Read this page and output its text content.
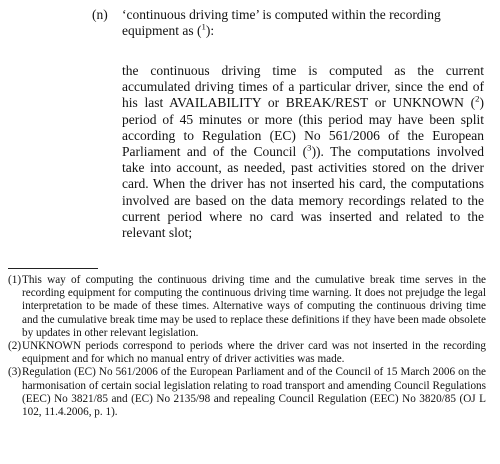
(n) ‘continuous driving time’ is computed within the recording equipment as ($^1$):
the continuous driving time is computed as the current accumulated driving times of a particular driver, since the end of his last AVAILABILITY or BREAK/REST or UNKNOWN ($^2$) period of 45 minutes or more (this period may have been split according to Regulation (EC) No 561/2006 of the European Parliament and of the Council ($^3$)). The computations involved take into account, as needed, past activities stored on the driver card. When the driver has not inserted his card, the computations involved are based on the data memory recordings related to the current period where no card was inserted and related to the relevant slot;
(1) This way of computing the continuous driving time and the cumulative break time serves in the recording equipment for computing the continuous driving time warning. It does not prejudge the legal interpretation to be made of these times. Alternative ways of computing the continuous driving time and the cumulative break time may be used to replace these definitions if they have been made obsolete by updates in other relevant legislation.
(2) UNKNOWN periods correspond to periods where the driver card was not inserted in the recording equipment and for which no manual entry of driver activities was made.
(3) Regulation (EC) No 561/2006 of the European Parliament and of the Council of 15 March 2006 on the harmonisation of certain social legislation relating to road transport and amending Council Regulations (EEC) No 3821/85 and (EC) No 2135/98 and repealing Council Regulation (EEC) No 3820/85 (OJ L 102, 11.4.2006, p. 1).
